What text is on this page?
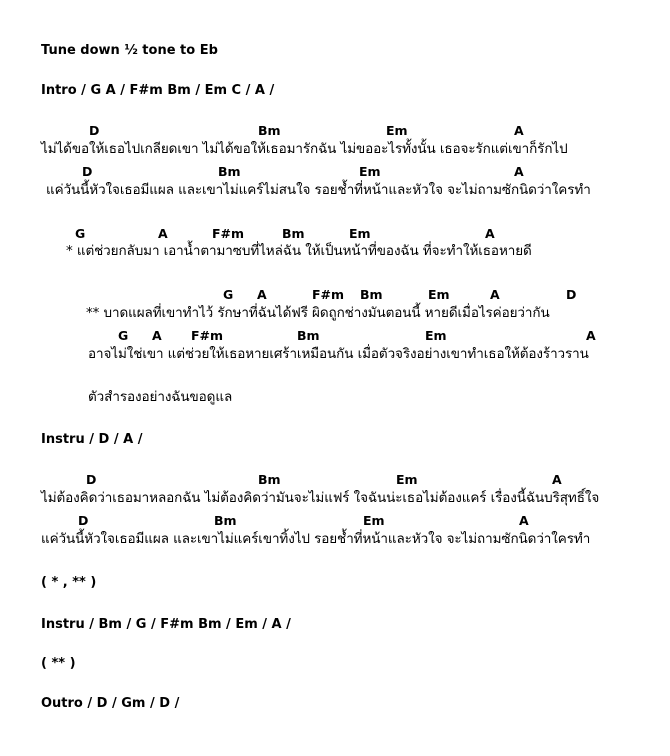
Tune down ½ tone to Eb
Intro / G A / F#m Bm / Em C / A /
D	Bm	Em	A
ไม่ได้ขอให้เธอไปเกลียดเขา ไม่ได้ขอให้เธอมารักฉัน ไม่ขออะไรทั้งนั้น เธอจะรักแต่เขาก็รักไป
D	Bm	Em	A
แค่วันนี้หัวใจเธอมีแผล และเขาไม่แคร์ไม่สนใจ รอยช้ำที่หน้าและหัวใจ จะไม่ถามซักนิดว่าใครทำ
G	A	F#m	Bm	Em	A
* แต่ช่วยกลับมา เอาน้ำตามาซบที่ไหล่ฉัน ให้เป็นหน้าที่ของฉัน ที่จะทำให้เธอหายดี
G A	F#m Bm	Em	A	D
** บาดแผลที่เขาทำไว้ รักษาที่ฉันได้ฟรี ผิดถูกช่างมันตอนนี้ หายดีเมื่อไรค่อยว่ากัน
G A F#m	Bm	Em	A
อาจไม่ใช่เขา แต่ช่วยให้เธอหายเศร้าเหมือนกัน เมื่อตัวจริงอย่างเขาทำเธอให้ต้องร้าวราน
ตัวสำรองอย่างฉันขอดูแล
Instru / D / A /
D	Bm	Em	A
ไม่ต้องคิดว่าเธอมาหลอกฉัน ไม่ต้องคิดว่ามันจะไม่แฟร์ ใจฉันน่ะเธอไม่ต้องแคร์ เรื่องนี้ฉันบริสุทธิ์ใจ
D	Bm	Em	A
แค่วันนี้หัวใจเธอมีแผล และเขาไม่แคร์เขาทิ้งไป รอยช้ำที่หน้าและหัวใจ จะไม่ถามซักนิดว่าใครทำ
( * , ** )
Instru / Bm / G / F#m Bm / Em / A /
( ** )
Outro / D / Gm / D /
